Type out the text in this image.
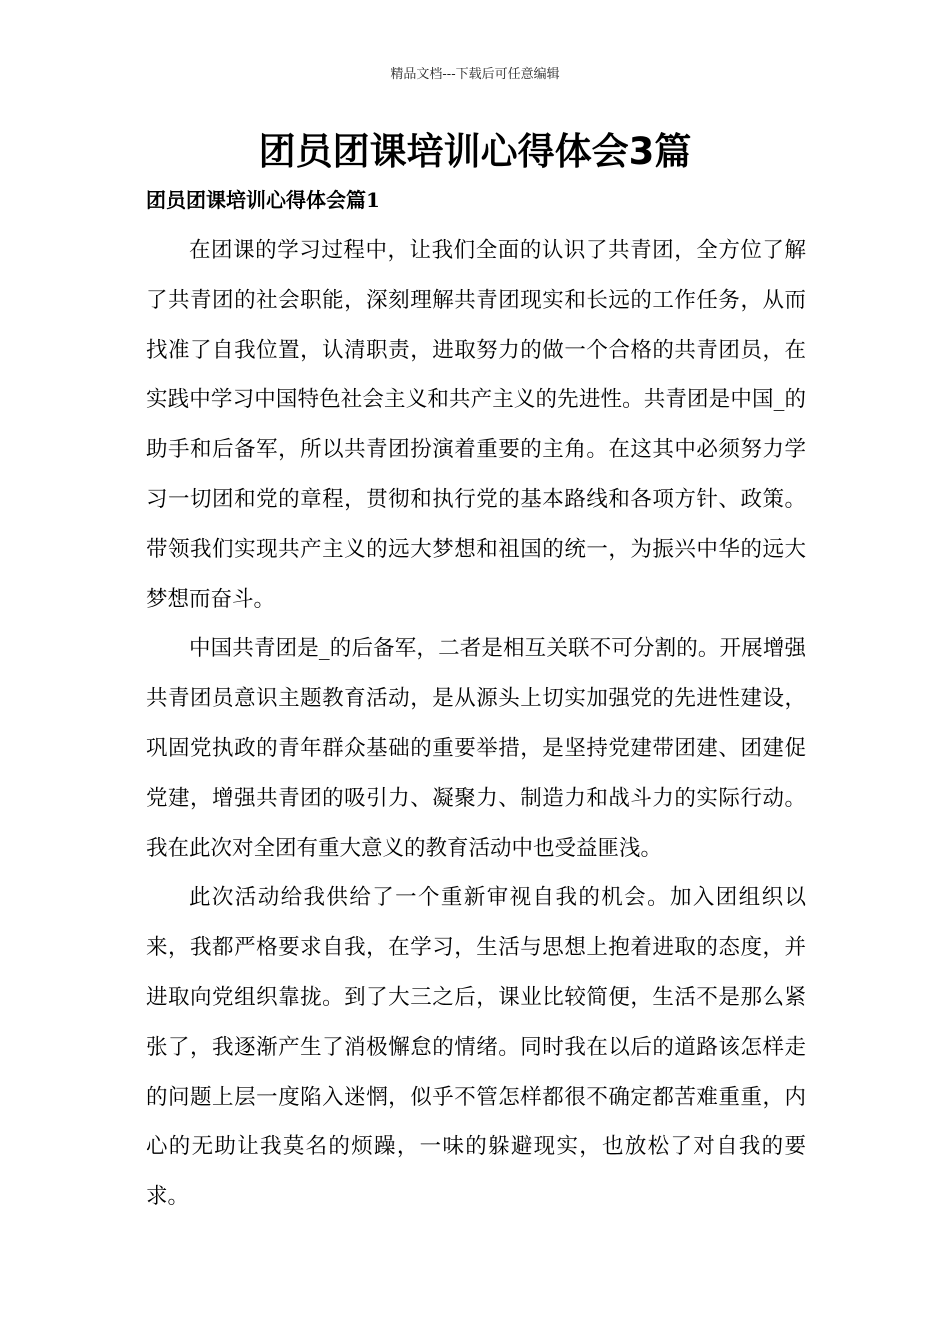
精品文档---下载后可任意编辑
团员团课培训心得体会3篇
团员团课培训心得体会篇1

在团课的学习过程中，让我们全面的认识了共青团，全方位了解了共青团的社会职能，深刻理解共青团现实和长远的工作任务，从而找准了自我位置，认清职责，进取努力的做一个合格的共青团员，在实践中学习中国特色社会主义和共产主义的先进性。共青团是中国_的助手和后备军，所以共青团扮演着重要的主角。在这其中必须努力学习一切团和党的章程，贯彻和执行党的基本路线和各项方针、政策。带领我们实现共产主义的远大梦想和祖国的统一，为振兴中华的远大梦想而奋斗。

中国共青团是_的后备军，二者是相互关联不可分割的。开展增强共青团员意识主题教育活动，是从源头上切实加强党的先进性建设，巩固党执政的青年群众基础的重要举措，是坚持党建带团建、团建促党建，增强共青团的吸引力、凝聚力、制造力和战斗力的实际行动。我在此次对全团有重大意义的教育活动中也受益匪浅。

此次活动给我供给了一个重新审视自我的机会。加入团组织以来，我都严格要求自我，在学习，生活与思想上抱着进取的态度，并进取向党组织靠拢。到了大三之后，课业比较简便，生活不是那么紧张了，我逐渐产生了消极懈怠的情绪。同时我在以后的道路该怎样走的问题上层一度陷入迷惘，似乎不管怎样都很不确定都苦难重重，内心的无助让我莫名的烦躁，一味的躲避现实，也放松了对自我的要求。
